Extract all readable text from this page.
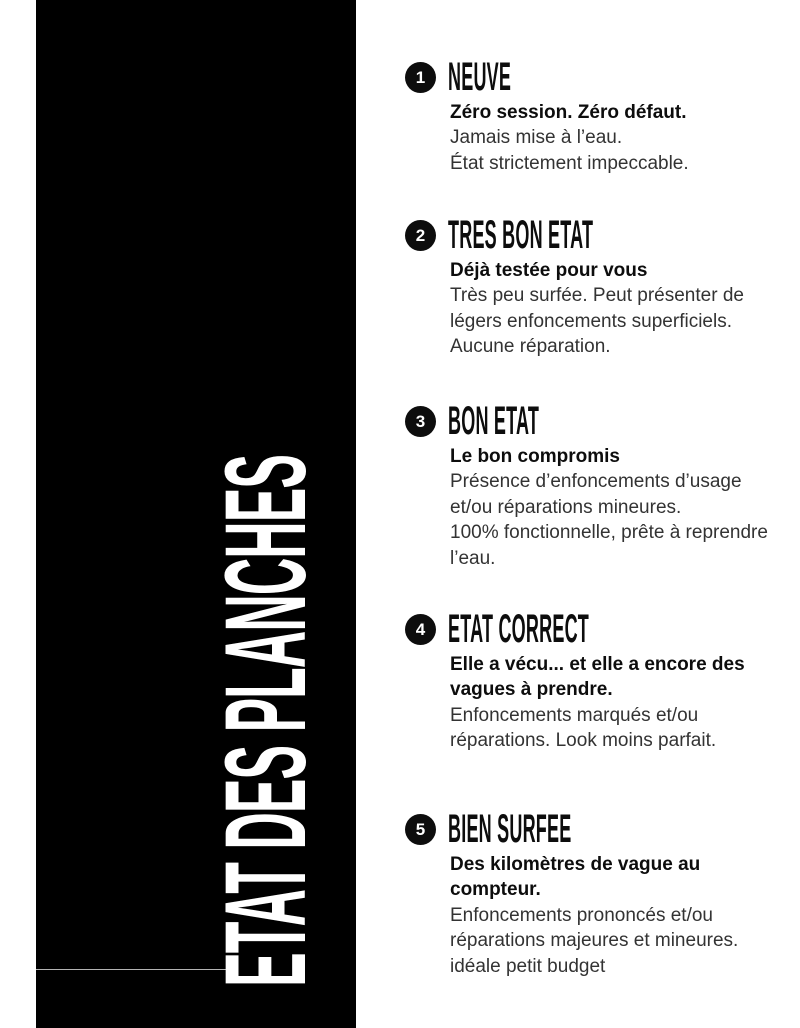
ETAT DES PLANCHES
1 NEUVE
Zéro session. Zéro défaut.
Jamais mise à l’eau.
État strictement impeccable.
2 TRES BON ETAT
Déjà testée pour vous
Très peu surfée. Peut présenter de
légers enfoncements superficiels.
Aucune réparation.
3 BON ETAT
Le bon compromis
Présence d’enfoncements d’usage
et/ou réparations mineures.
100% fonctionnelle, prête à reprendre
l’eau.
4 ETAT CORRECT
Elle a vécu... et elle a encore des
vagues à prendre.
Enfoncements marqués et/ou
réparations. Look moins parfait.
5 BIEN SURFEE
Des kilomètres de vague au
compteur.
Enfoncements prononcés et/ou
réparations majeures et mineures.
idéale petit budget
